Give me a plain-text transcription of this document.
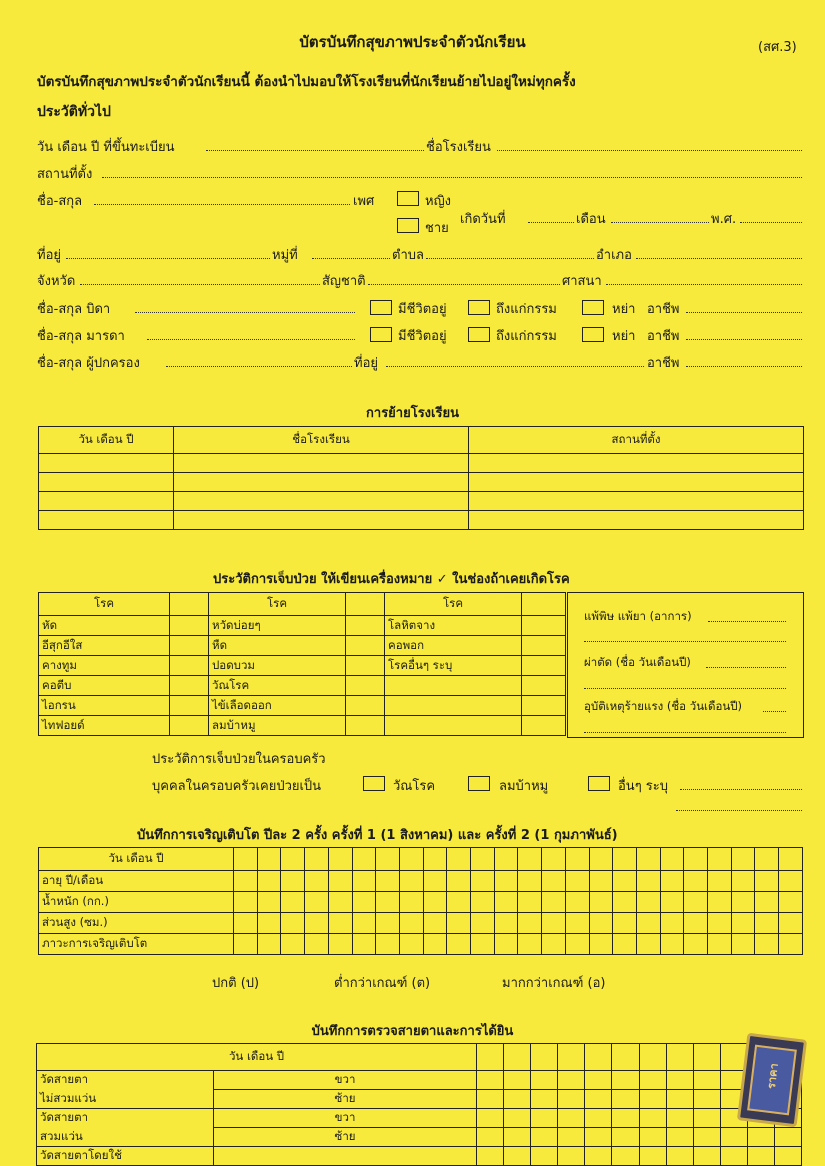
บัตรบันทึกสุขภาพประจำตัวนักเรียน	(สศ.3)
บัตรบันทึกสุขภาพประจำตัวนักเรียนนี้ ต้องนำไปมอบให้โรงเรียนที่นักเรียนย้ายไปอยู่ใหม่ทุกครั้ง
ประวัติทั่วไป
วัน เดือน ปี ที่ขึ้นทะเบียน	ชื่อโรงเรียน
สถานที่ตั้ง
ชื่อ-สกุล	เพศ	หญิง
ชาย
เกิดวันที่	เดือน	พ.ศ.
ที่อยู่	หมู่ที่	ตำบล	อำเภอ
จังหวัด	สัญชาติ	ศาสนา
ชื่อ-สกุล บิดา	มีชีวิตอยู่	ถึงแก่กรรม	หย่า อาชีพ
ชื่อ-สกุล มารดา	มีชีวิตอยู่	ถึงแก่กรรม	หย่า อาชีพ
ชื่อ-สกุล ผู้ปกครอง	ที่อยู่	อาชีพ
การย้ายโรงเรียน
วัน เดือน ปี	ชื่อโรงเรียน	สถานที่ตั้ง

ประวัติการเจ็บป่วย ให้เขียนเครื่องหมาย ✓ ในช่องถ้าเคยเกิดโรค
โรค		โรค		โรค	
หัด		หวัดบ่อยๆ		โลหิตจาง	
อีสุกอีใส		หืด		คอพอก	
คางทูม		ปอดบวม		โรคอื่นๆ ระบุ	
คอตีบ		วัณโรค			
ไอกรน		ไข้เลือดออก			
ไทฟอยด์		ลมบ้าหมู			
แพ้พิษ แพ้ยา (อาการ)
ผ่าตัด (ชื่อ วันเดือนปี)
อุบัติเหตุร้ายแรง (ชื่อ วันเดือนปี)
ประวัติการเจ็บป่วยในครอบครัว
บุคคลในครอบครัวเคยป่วยเป็น	วัณโรค	ลมบ้าหมู	อื่นๆ ระบุ
บันทึกการเจริญเติบโต ปีละ 2 ครั้ง ครั้งที่ 1 (1 สิงหาคม) และ ครั้งที่ 2 (1 กุมภาพันธ์)
วัน เดือน ปี																								
อายุ ปี/เดือน																								
น้ำหนัก (กก.)																								
ส่วนสูง (ซม.)																								
ภาวะการเจริญเติบโต																								
ปกติ (ป)	ต่ำกว่าเกณฑ์ (ต)	มากกว่าเกณฑ์ (อ)
บันทึกการตรวจสายตาและการได้ยิน
วัน เดือน ปี													
วัดสายตา	ขวา												
ไม่สวมแว่น	ซ้าย												
วัดสายตา	ขวา												
สวมแว่น	ซ้าย												
วัดสายตาโดยใช้													
ราคา
